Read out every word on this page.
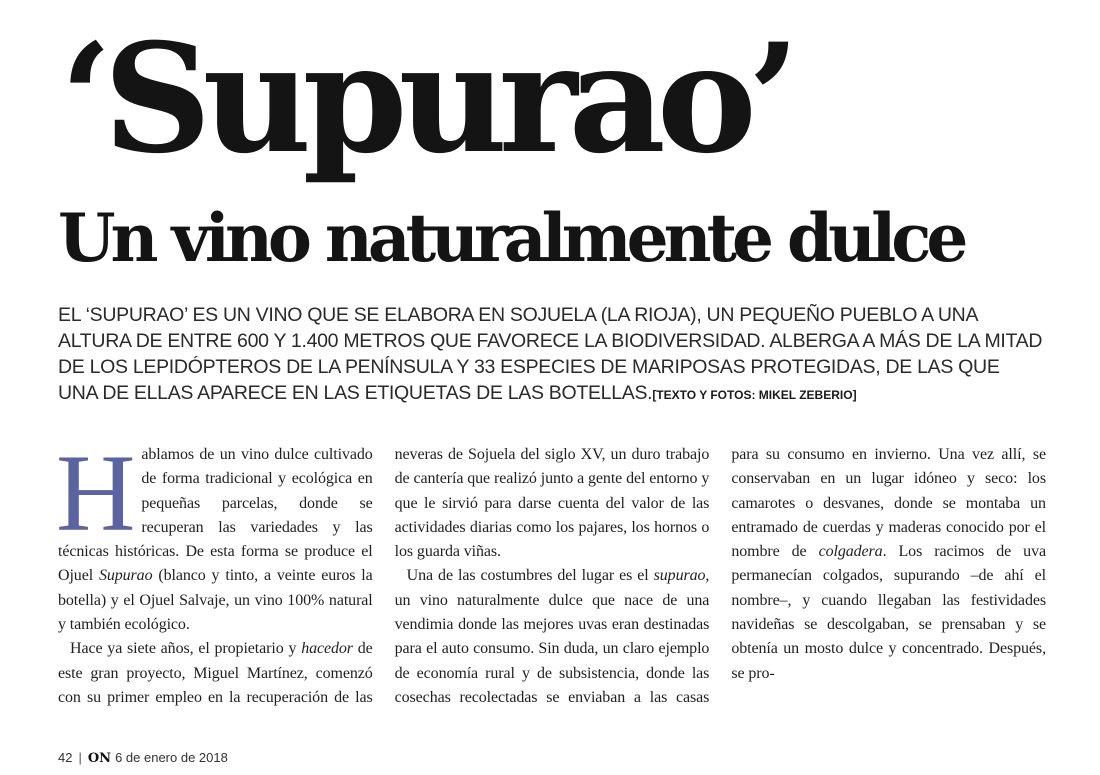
‘Supurao’
Un vino naturalmente dulce

EL ‘SUPURAO’ ES UN VINO QUE SE ELABORA EN SOJUELA (LA RIOJA), UN PEQUEÑO PUEBLO A UNA ALTURA DE ENTRE 600 Y 1.400 METROS QUE FAVORECE LA BIODIVERSIDAD. ALBERGA A MÁS DE LA MITAD DE LOS LEPIDÓPTEROS DE LA PENÍNSULA Y 33 ESPECIES DE MARIPOSAS PROTEGIDAS, DE LAS QUE UNA DE ELLAS APARECE EN LAS ETIQUETAS DE LAS BOTELLAS.[TEXTO Y FOTOS: MIKEL ZEBERIO]

Hablamos de un vino dulce cultivado de forma tradicional y ecológica en pequeñas parcelas, donde se recuperan las variedades y las técnicas históricas. De esta forma se produce el Ojuel Supurao (blanco y tinto, a veinte euros la botella) y el Ojuel Salvaje, un vino 100% natural y también ecológico.

Hace ya siete años, el propietario y hacedor de este gran proyecto, Miguel Martínez, comenzó con su primer empleo en la recuperación de las neveras de Sojuela del siglo XV, un duro trabajo de cantería que realizó junto a gente del entorno y que le sirvió para darse cuenta del valor de las actividades diarias como los pajares, los hornos o los guarda viñas.

Una de las costumbres del lugar es el supurao, un vino naturalmente dulce que nace de una vendimia donde las mejores uvas eran destinadas para el auto consumo. Sin duda, un claro ejemplo de economía rural y de subsistencia, donde las cosechas recolectadas se enviaban a las casas para su consumo en invierno. Una vez allí, se conservaban en un lugar idóneo y seco: los camarotes o desvanes, donde se montaba un entramado de cuerdas y maderas conocido por el nombre de colgadera. Los racimos de uva permanecían colgados, supurando –de ahí el nombre–, y cuando llegaban las festividades navideñas se descolgaban, se prensaban y se obtenía un mosto dulce y concentrado. Después, se pro-

42 | ON 6 de enero de 2018
